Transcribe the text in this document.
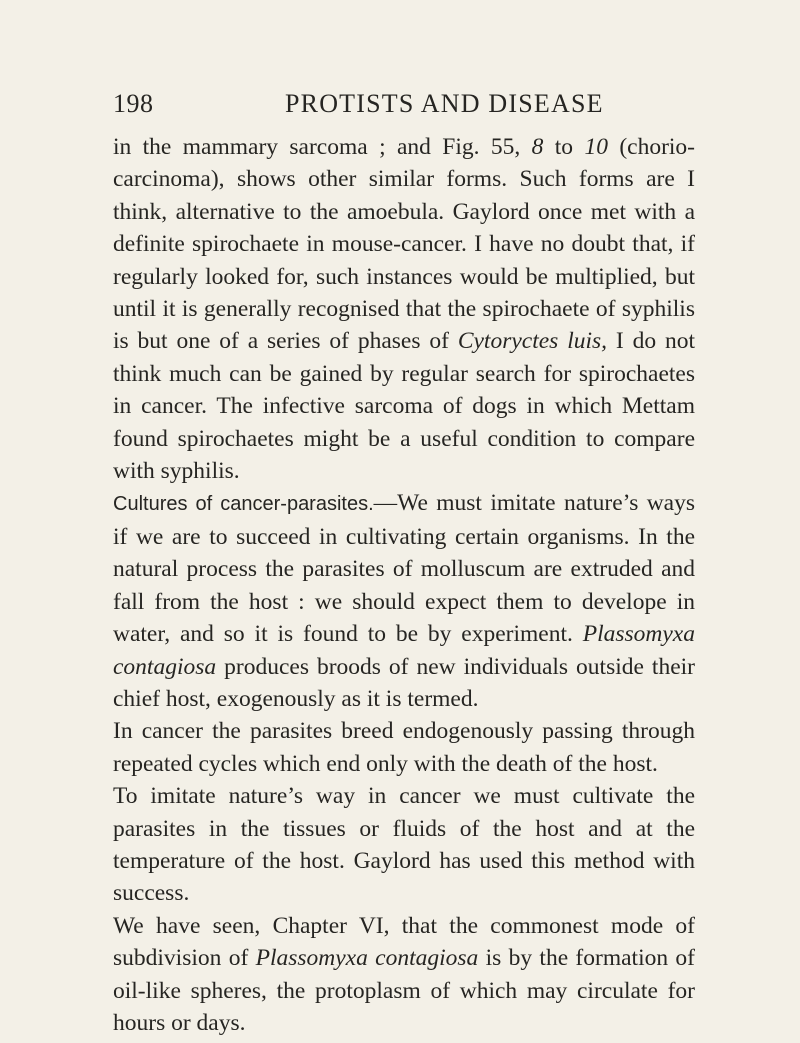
198	PROTISTS AND DISEASE

in the mammary sarcoma ; and Fig. 55, 8 to 10 (chorio-carcinoma), shows other similar forms. Such forms are I think, alternative to the amoebula. Gaylord once met with a definite spirochaete in mouse-cancer. I have no doubt that, if regularly looked for, such instances would be multiplied, but until it is generally recognised that the spirochaete of syphilis is but one of a series of phases of Cytoryctes luis, I do not think much can be gained by regular search for spirochaetes in cancer. The infective sarcoma of dogs in which Mettam found spirochaetes might be a useful condition to compare with syphilis.

Cultures of cancer-parasites.—We must imitate nature’s ways if we are to succeed in cultivating certain organisms. In the natural process the parasites of molluscum are extruded and fall from the host : we should expect them to develope in water, and so it is found to be by experiment. Plassomyxa contagiosa produces broods of new individuals outside their chief host, exogenously as it is termed.

In cancer the parasites breed endogenously passing through repeated cycles which end only with the death of the host.

To imitate nature’s way in cancer we must cultivate the parasites in the tissues or fluids of the host and at the temperature of the host. Gaylord has used this method with success.

We have seen, Chapter VI, that the commonest mode of subdivision of Plassomyxa contagiosa is by the formation of oil-like spheres, the protoplasm of which may circulate for hours or days.
